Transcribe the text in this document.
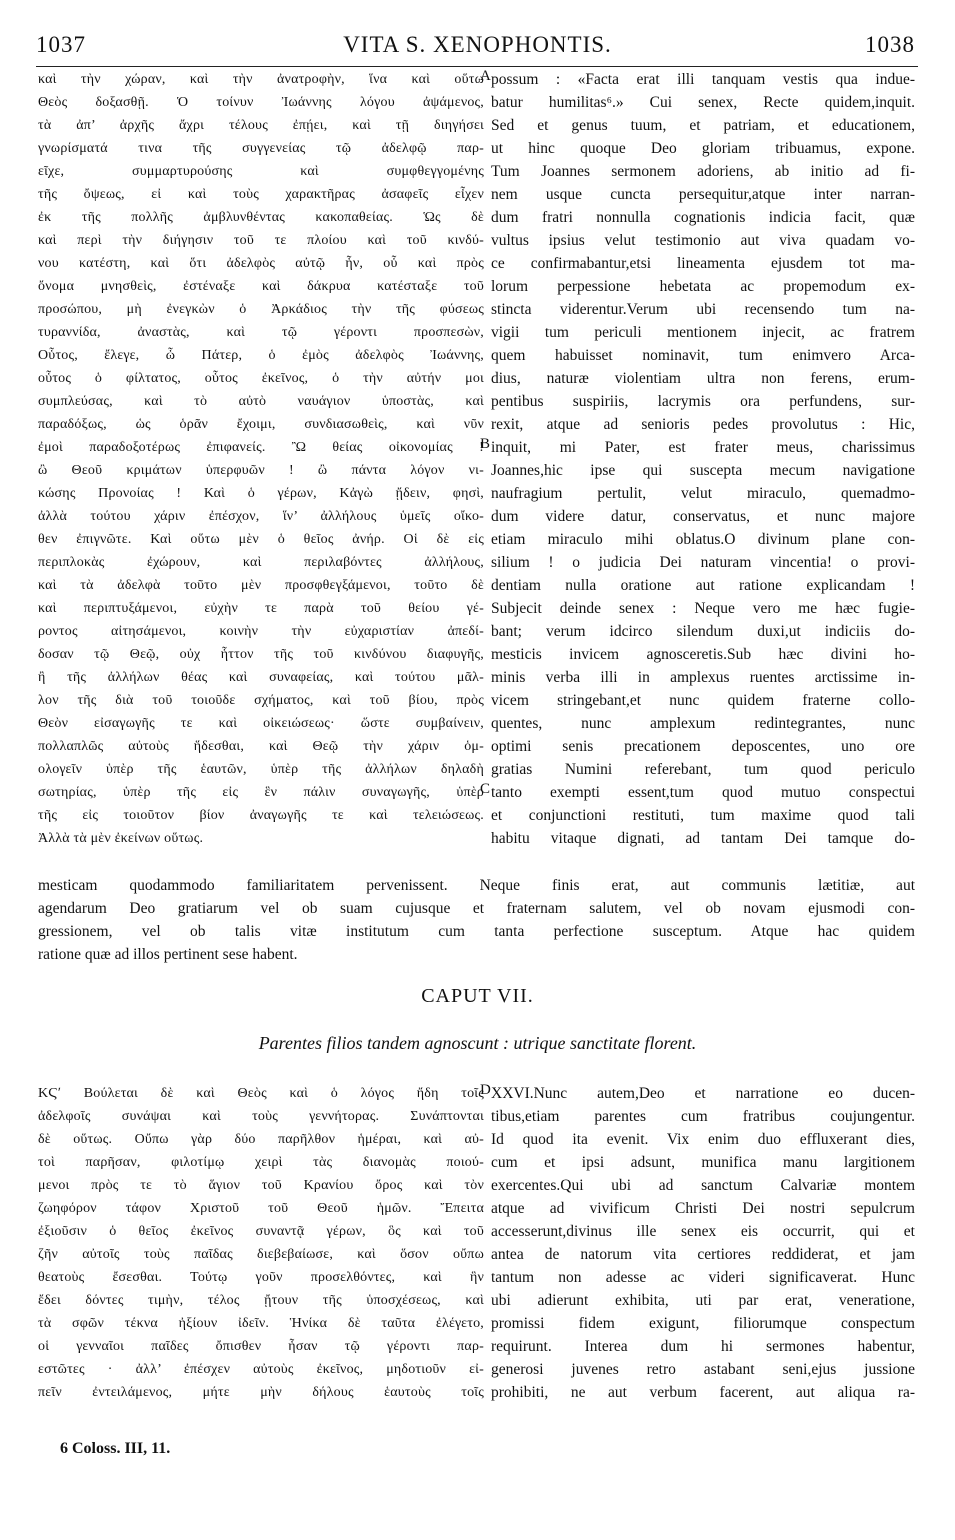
1037	VITA S. XENOPHONTIS.	1038
καὶ τὴν χώραν, καὶ τὴν ἀνατροφὴν, ἵνα καὶ οὕτω
Θεὸς δοξασθῇ. Ὁ τοίνυν Ἰωάννης λόγου ἀψάμενος,
τὰ ἀπ’ ἀρχῆς ἄχρι τέλους ἐπῄει, καὶ τῇ διηγήσει
γνωρίσματά τινα τῆς συγγενείας τῷ ἀδελφῷ παρ-
εῖχε, συμμαρτυρούσης καὶ συμφθεγγομένης
τῆς ὄψεως, εἰ καὶ τοὺς χαρακτῆρας ἀσαφεῖς εἶχεν
ἐκ τῆς πολλῆς ἀμβλυνθέντας κακοπαθείας. Ὡς δὲ
καὶ περὶ τὴν διήγησιν τοῦ τε πλοίου καὶ τοῦ κινδύ-
νου κατέστη, καὶ ὅτι ἀδελφὸς αὐτῷ ἦν, οὗ καὶ πρὸς
ὄνομα μνησθεὶς, ἐστέναξε καὶ δάκρυα κατέσταξε τοῦ
προσώπου, μὴ ἐνεγκὼν ὁ Ἀρκάδιος τὴν τῆς φύσεως
τυραννίδα, ἀναστὰς, καὶ τῷ γέροντι προσπεσὼν,
Οὗτος, ἔλεγε, ὦ Πάτερ, ὁ ἐμὸς ἀδελφὸς Ἰωάννης,
οὗτος ὁ φίλτατος, οὗτος ἐκεῖνος, ὁ τὴν αὐτήν μοι
συμπλεύσας, καὶ τὸ αὐτὸ ναυάγιον ὑποστὰς, καὶ
παραδόξως, ὡς ὁρᾶν ἔχοιμι, συνδιασωθεὶς, καὶ νῦν
ἐμοὶ παραδοξοτέρως ἐπιφανείς. Ὢ θείας οἰκονομίας !
ὢ Θεοῦ κριμάτων ὑπερφυῶν ! ὢ πάντα λόγον νι-
κώσης Προνοίας ! Καὶ ὁ γέρων, Κἀγὼ ᾔδειν, φησὶ,
ἀλλὰ τούτου χάριν ἐπέσχον, ἵν’ ἀλλήλους ὑμεῖς οἴκο-
θεν ἐπιγνῶτε. Καὶ οὕτω μὲν ὁ θεῖος ἀνήρ. Οἱ δὲ εἰς
περιπλοκὰς ἐχώρουν, καὶ περιλαβόντες ἀλλήλους,
καὶ τὰ ἀδελφὰ τοῦτο μὲν προσφθεγξάμενοι, τοῦτο δὲ
καὶ περιπτυξάμενοι, εὐχὴν τε παρὰ τοῦ θείου γέ-
ροντος αἰτησάμενοι, κοινὴν τὴν εὐχαριστίαν ἀπεδί-
δοσαν τῷ Θεῷ, οὐχ ἧττον τῆς τοῦ κινδύνου διαφυγῆς,
ἢ τῆς ἀλλήλων θέας καὶ συναφείας, καὶ τούτου μᾶλ-
λον τῆς διὰ τοῦ τοιοῦδε σχήματος, καὶ τοῦ βίου, πρὸς
Θεὸν εἰσαγωγῆς τε καὶ οἰκειώσεως· ὥστε συμβαίνειν,
πολλαπλῶς αὐτοὺς ἥδεσθαι, καὶ Θεῷ τὴν χάριν ὁμ-
ολογεῖν ὑπὲρ τῆς ἑαυτῶν, ὑπὲρ τῆς ἀλλήλων δηλαδὴ
σωτηρίας, ὑπὲρ τῆς εἰς ἓν πάλιν συναγωγῆς, ὑπὲρ
τῆς εἰς τοιοῦτον βίον ἀναγωγῆς τε καὶ τελειώσεως.
Ἀλλὰ τὰ μὲν ἐκείνων οὕτως.
possum : «Facta erat illi tanquam vestis qua indue-
batur humilitas⁶.» Cui senex, Recte quidem,inquit.
Sed et genus tuum, et patriam, et educationem,
ut hinc quoque Deo gloriam tribuamus, expone.
Tum Joannes sermonem adoriens, ab initio ad fi-
nem usque cuncta persequitur,atque inter narran-
dum fratri nonnulla cognationis indicia facit, quæ
vultus ipsius velut testimonio aut viva quadam vo-
ce confirmabantur,etsi lineamenta ejusdem tot ma-
lorum perpessione hebetata ac propemodum ex-
stincta viderentur.Verum ubi recensendo tum na-
vigii tum periculi mentionem injecit, ac fratrem
quem habuisset nominavit, tum enimvero Arca-
dius, naturæ violentiam ultra non ferens, erum-
pentibus suspiriis, lacrymis ora perfundens, sur-
rexit, atque ad senioris pedes provolutus : Hic,
inquit, mi Pater, est frater meus, charissimus
Joannes,hic ipse qui suscepta mecum navigatione
naufragium pertulit, velut miraculo, quemadmo-
dum videre datur, conservatus, et nunc majore
etiam miraculo mihi oblatus.O divinum plane con-
silium ! o judicia Dei naturam vincentia! o provi-
dentiam nulla oratione aut ratione explicandam !
Subjecit deinde senex : Neque vero me hæc fugie-
bant; verum idcirco silendum duxi,ut indiciis do-
mesticis invicem agnosceretis.Sub hæc divini ho-
minis verba illi in amplexus ruentes arctissime in-
vicem stringebant,et nunc quidem fraterne collo-
quentes, nunc amplexum redintegrantes, nunc
optimi senis precationem deposcentes, uno ore
gratias Numini referebant, tum quod periculo
tanto exempti essent,tum quod mutuo conspectui
et conjunctioni restituti, tum maxime quod tali
habitu vitaque dignati, ad tantam Dei tamque do-
mesticam quodammodo familiaritatem pervenissent. Neque finis erat, aut communis lætitiæ, aut
agendarum Deo gratiarum vel ob suam cujusque et fraternam salutem, vel ob novam ejusmodi con-
gressionem, vel ob talis vitæ institutum cum tanta perfectione susceptum. Atque hac quidem
ratione quæ ad illos pertinent sese habent.
A
B
C
D
CAPUT VII.
Parentes filios tandem agnoscunt : utrique sanctitate florent.
ΚϚʹ Βούλεται δὲ καὶ Θεὸς καὶ ὁ λόγος ἤδη τοῖς
ἀδελφοῖς συνάψαι καὶ τοὺς γεννήτορας. Συνάπτονται
δὲ οὕτως. Οὔπω γὰρ δύο παρῆλθον ἡμέραι, καὶ αὐ-
τοὶ παρῆσαν, φιλοτίμῳ χειρὶ τὰς διανομὰς ποιού-
μενοι πρὸς τε τὸ ἅγιον τοῦ Κρανίου ὄρος καὶ τὸν
ζωηφόρον τάφον Χριστοῦ τοῦ Θεοῦ ἡμῶν. Ἔπειτα
ἐξιοῦσιν ὁ θεῖος ἐκεῖνος συναντᾷ γέρων, ὃς καὶ τοῦ
ζῆν αὐτοῖς τοὺς παῖδας διεβεβαίωσε, καὶ ὅσον οὔπω
θεατοὺς ἔσεσθαι. Τούτῳ γοῦν προσελθόντες, καὶ ἣν
ἔδει δόντες τιμὴν, τέλος ᾔτουν τῆς ὑποσχέσεως, καὶ
τὰ σφῶν τέκνα ἠξίουν ἰδεῖν. Ἡνίκα δὲ ταῦτα ἐλέγετο,
οἱ γενναῖοι παῖδες ὄπισθεν ἦσαν τῷ γέροντι παρ-
εστῶτες · ἀλλ’ ἐπέσχεν αὐτοὺς ἐκεῖνος, μηδοτιοῦν εἰ-
πεῖν ἐντειλάμενος, μήτε μὴν δήλους ἑαυτοὺς τοῖς
XXVI.Nunc autem,Deo et narratione eo ducen-
tibus,etiam parentes cum fratribus coujungentur.
Id quod ita evenit. Vix enim duo effluxerant dies,
cum et ipsi adsunt, munifica manu largitionem
exercentes.Qui ubi ad sanctum Calvariæ montem
atque ad vivificum Christi Dei nostri sepulcrum
accesserunt,divinus ille senex eis occurrit, qui et
antea de natorum vita certiores reddiderat, et jam
tantum non adesse ac videri significaverat. Hunc
ubi adierunt exhibita, uti par erat, veneratione,
promissi fidem exigunt, filiorumque conspectum
requirunt. Interea dum hi sermones habentur,
generosi juvenes retro astabant seni,ejus jussione
prohibiti, ne aut verbum facerent, aut aliqua ra-
6 Coloss. III, 11.
